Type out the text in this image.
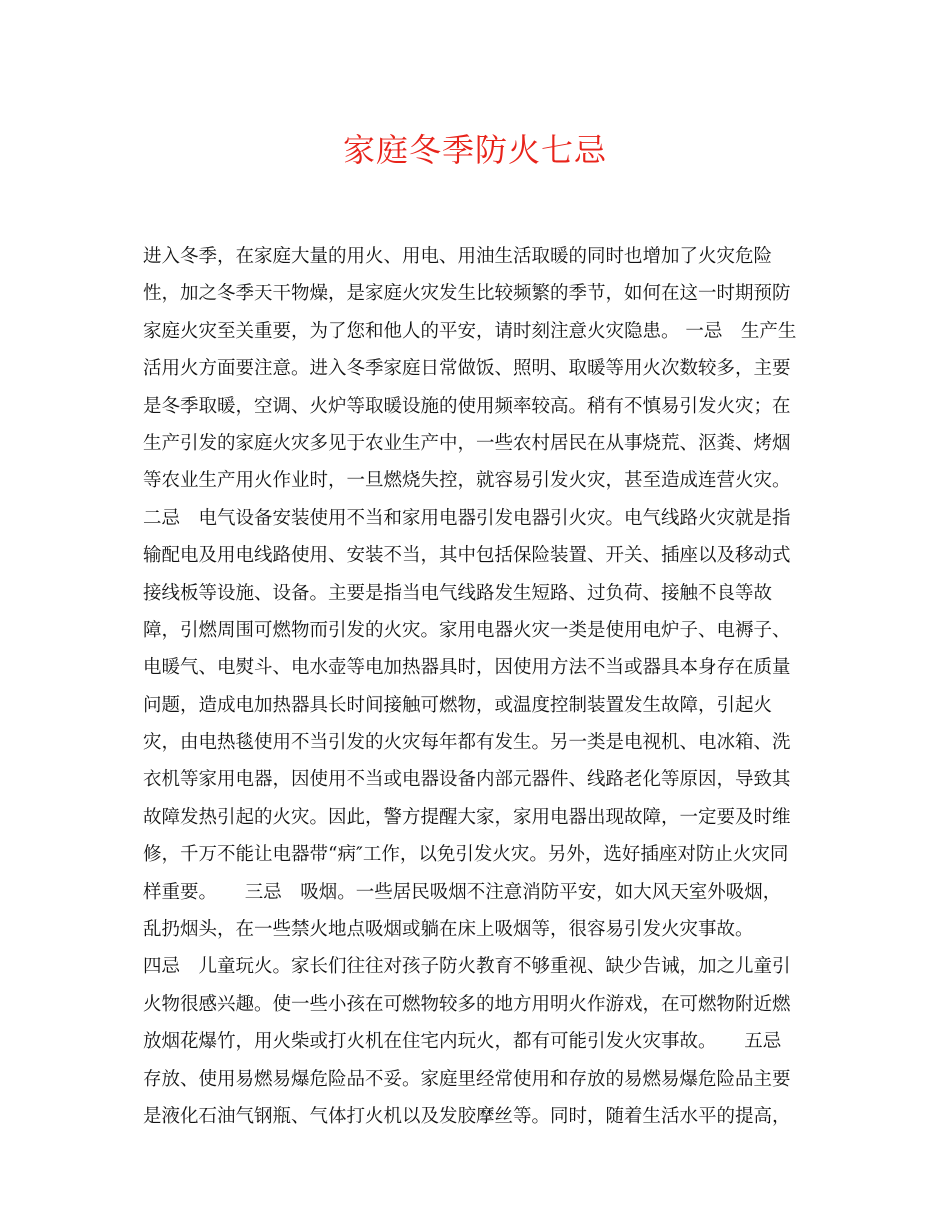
家庭冬季防火七忌
进入冬季，在家庭大量的用火、用电、用油生活取暖的同时也增加了火灾危险
性，加之冬季天干物燥，是家庭火灾发生比较频繁的季节，如何在这一时期预防
家庭火灾至关重要，为了您和他人的平安，请时刻注意火灾隐患。 一忌　生产生
活用火方面要注意。进入冬季家庭日常做饭、照明、取暖等用火次数较多，主要
是冬季取暖，空调、火炉等取暖设施的使用频率较高。稍有不慎易引发火灾；在
生产引发的家庭火灾多见于农业生产中，一些农村居民在从事烧荒、沤粪、烤烟
等农业生产用火作业时，一旦燃烧失控，就容易引发火灾，甚至造成连营火灾。
二忌　电气设备安装使用不当和家用电器引发电器引火灾。电气线路火灾就是指
输配电及用电线路使用、安装不当，其中包括保险装置、开关、插座以及移动式
接线板等设施、设备。主要是指当电气线路发生短路、过负荷、接触不良等故
障，引燃周围可燃物而引发的火灾。家用电器火灾一类是使用电炉子、电褥子、
电暖气、电熨斗、电水壶等电加热器具时，因使用方法不当或器具本身存在质量
问题，造成电加热器具长时间接触可燃物，或温度控制装置发生故障，引起火
灾，由电热毯使用不当引发的火灾每年都有发生。另一类是电视机、电冰箱、洗
衣机等家用电器，因使用不当或电器设备内部元器件、线路老化等原因，导致其
故障发热引起的火灾。因此，警方提醒大家，家用电器出现故障，一定要及时维
修，千万不能让电器带“病″工作，以免引发火灾。另外，选好插座对防止火灾同
样重要。　　三忌　吸烟。一些居民吸烟不注意消防平安，如大风天室外吸烟，
乱扔烟头，在一些禁火地点吸烟或躺在床上吸烟等，很容易引发火灾事故。
四忌　儿童玩火。家长们往往对孩子防火教育不够重视、缺少告诫，加之儿童引
火物很感兴趣。使一些小孩在可燃物较多的地方用明火作游戏，在可燃物附近燃
放烟花爆竹，用火柴或打火机在住宅内玩火，都有可能引发火灾事故。　　五忌
存放、使用易燃易爆危险品不妥。家庭里经常使用和存放的易燃易爆危险品主要
是液化石油气钢瓶、气体打火机以及发胶摩丝等。同时，随着生活水平的提高，
